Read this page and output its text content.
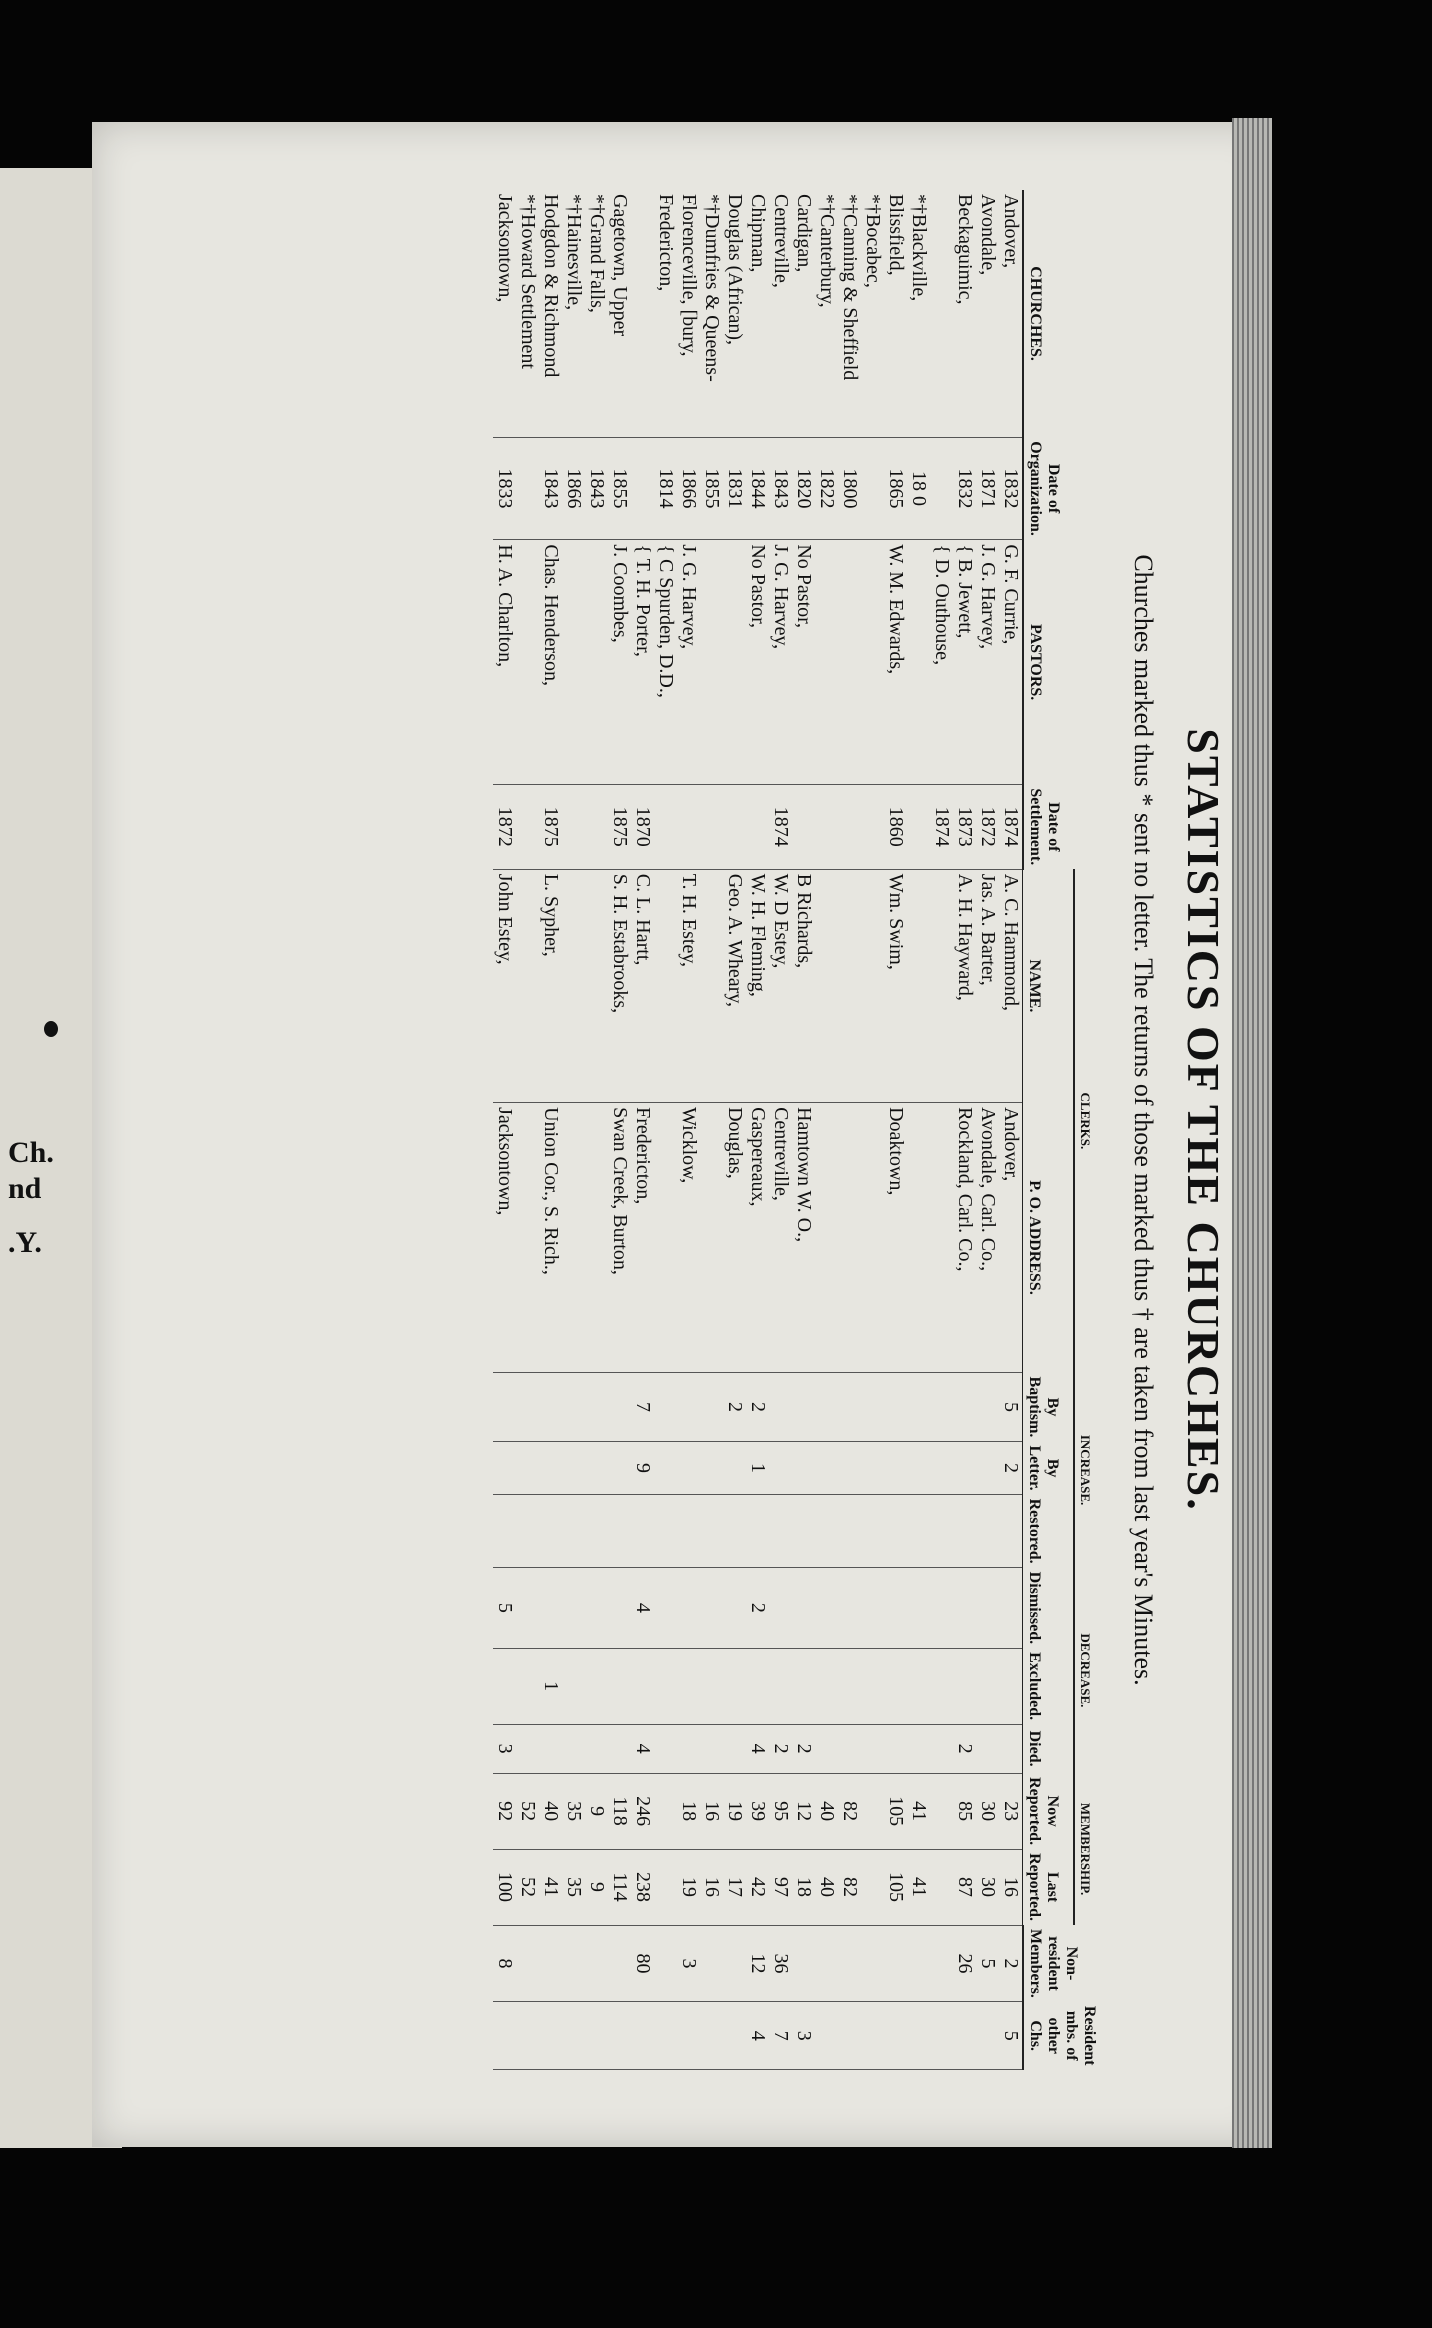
Ch.
nd
.Y.	STATISTICS OF THE CHURCHES.
Churches marked thus * sent no letter. The returns of those marked thus † are taken from last year's Minutes.
CHURCHES.	Date of Organization.	PASTORS.	Date of Settlement.	CLERKS.		INCREASE.			DECREASE.			MEMBERSHIP.		Non-resident Members.	Resident mbs. of other Chs.
				NAME.	P. O. ADDRESS.	By Baptism.	By Letter.	Restored.	Dismissed.	Excluded.	Died.	Now Reported.	Last Reported.		
Andover,	1832	G. F. Currie,	1874	A. C. Hammond,	Andover,	5	2					23	16	2	5
Avondale,	1871	J. G. Harvey,	1872	Jas. A. Barter,	Avondale, Carl. Co.,							30	30	5	
Beckaguimic,	1832	{ B. Jewett,	1873	A. H. Hayward,	Rockland, Carl. Co.,						2	85	87	26	
		{ D. Outhouse,	1874												
*†Blackville,	18 0											41	41		
Blissfield,	1865	W. M. Edwards,	1860	Wm. Swim,	Doaktown,							105	105		
*†Bocabec,															
*†Canning & Sheffield	1800											82	82		
*†Canterbury,	1822											40	40		
Cardigan,	1820	No Pastor,		B Richards,	Hamtown W. O.,						2	12	18		3
Centreville,	1843	J. G. Harvey,	1874	W. D Estey,	Centreville,						2	95	97	36	7
Chipman,	1844	No Pastor,		W. H. Fleming,	Gaspereaux,	2	1		2		4	39	42	12	4
Douglas (African),	1831			Geo. A. Wheary,	Douglas,	2						19	17		
*†Dumfries & Queens-	1855											16	16		
Florenceville, [bury,	1866	J. G. Harvey,		T. H. Estey,	Wicklow,							18	19	3	
Fredericton,	1814	{ C Spurden, D.D.,													
		{ T. H. Porter,	1870	C. L. Hartt,	Fredericton,	7	9		4		4	246	238	80	
Gagetown, Upper	1855	J. Coombes,	1875	S. H. Estabrooks,	Swan Creek, Burton,							118	114		
*†Grand Falls,	1843											9	9		
*†Hainesville,	1866											35	35		
Hodgdon & Richmond	1843	Chas. Henderson,	1875	L. Sypher,	Union Cor., S. Rich.,					1		40	41		
*†Howard Settlement												52	52		
Jacksontown,	1833	H. A. Charlton,	1872	John Estey,	Jacksontown,				5		3	92	100	8	
